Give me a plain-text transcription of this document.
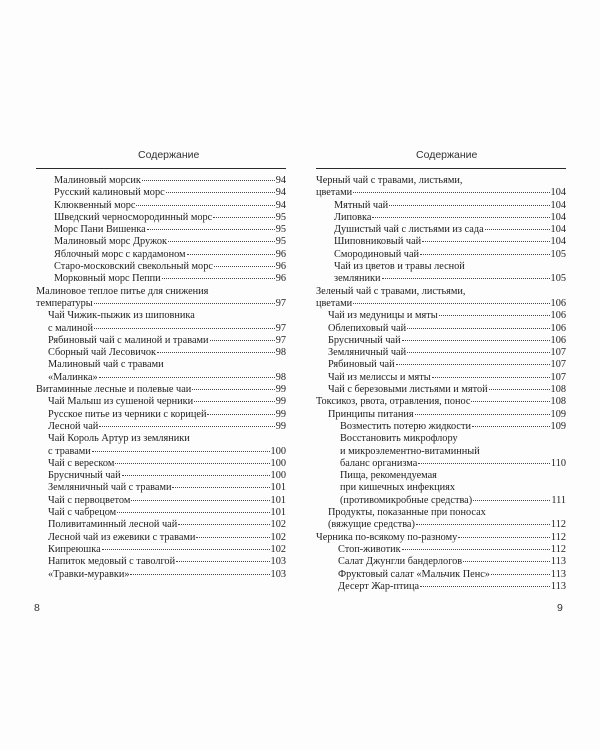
Содержание
Малиновый морсик	94
Русский калиновый морс	94
Клюквенный морс	94
Шведский черносмородинный морс	95
Морс Пани Вишенка	95
Малиновый морс Дружок	95
Яблочный морс с кардамоном	96
Старо-московский свекольный морс	96
Морковный морс Пеппи	96
Малиновое теплое питье для снижения
температуры	97
Чай Чижик-пыжик из шиповника
с малиной	97
Рябиновый чай с малиной и травами	97
Сборный чай Лесовичок	98
Малиновый чай с травами
«Малинка»	98
Витаминные лесные и полевые чаи	99
Чай Малыш из сушеной черники	99
Русское питье из черники с корицей	99
Лесной чай	99
Чай Король Артур из земляники
с травами	100
Чай с вереском	100
Брусничный чай	100
Земляничный чай с травами	101
Чай с первоцветом	101
Чай с чабрецом	101
Поливитаминный лесной чай	102
Лесной чай из ежевики с травами	102
Кипреюшка	102
Напиток медовый с таволгой	103
«Травки-муравки»	103
Содержание
Черный чай с травами, листьями,
цветами	104
Мятный чай	104
Липовка	104
Душистый чай с листьями из сада	104
Шиповниковый чай	104
Смородиновый чай	105
Чай из цветов и травы лесной
земляники	105
Зеленый чай с травами, листьями,
цветами	106
Чай из медуницы и мяты	106
Облепиховый чай	106
Брусничный чай	106
Земляничный чай	107
Рябиновый чай	107
Чай из мелиссы и мяты	107
Чай с березовыми листьями и мятой	108
Токсикоз, рвота, отравления, понос	108
Принципы питания	109
Возместить потерю жидкости	109
Восстановить микрофлору
и микроэлементно-витаминный
баланс организма	110
Пища, рекомендуемая
при кишечных инфекциях
(противомикробные средства)	111
Продукты, показанные при поносах
(вяжущие средства)	112
Черника по-всякому по-разному	112
Стоп-животик	112
Салат Джунгли бандерлогов	113
Фруктовый салат «Мальчик Пенс»	113
Десерт Жар-птица	113
8	9
